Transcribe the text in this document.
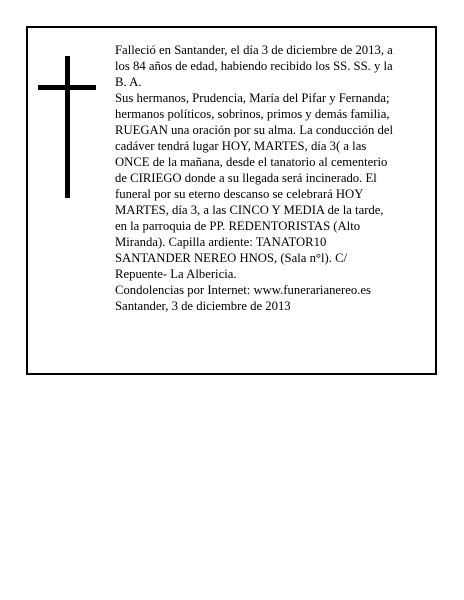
Falleció en Santander, el día 3 de diciembre de 2013, a

los 84 años de edad, habiendo recibido los SS. SS. y la

B. A.

Sus hermanos, Prudencia, María del Pifar y Fernanda;

hermanos políticos, sobrinos, primos y demás familia,

RUEGAN una oración por su alma. La conducción del

cadáver tendrá lugar HOY, MARTES, día 3( a las

ONCE de la mañana, desde el tanatorio al cementerio

de CIRIEGO donde a su llegada será incinerado. El

funeral por su eterno descanso se celebrará HOY

MARTES, día 3, a las CINCO Y MEDIA de la tarde,

en la parroquia de PP. REDENTORISTAS (Alto

Miranda). Capilla ardiente: TANATOR10

SANTANDER NEREO HNOS, (Sala n°l). C/

Repuente- La Albericia.

Condolencias por Internet: www.funerarianereo.es

Santander, 3 de diciembre de 2013
